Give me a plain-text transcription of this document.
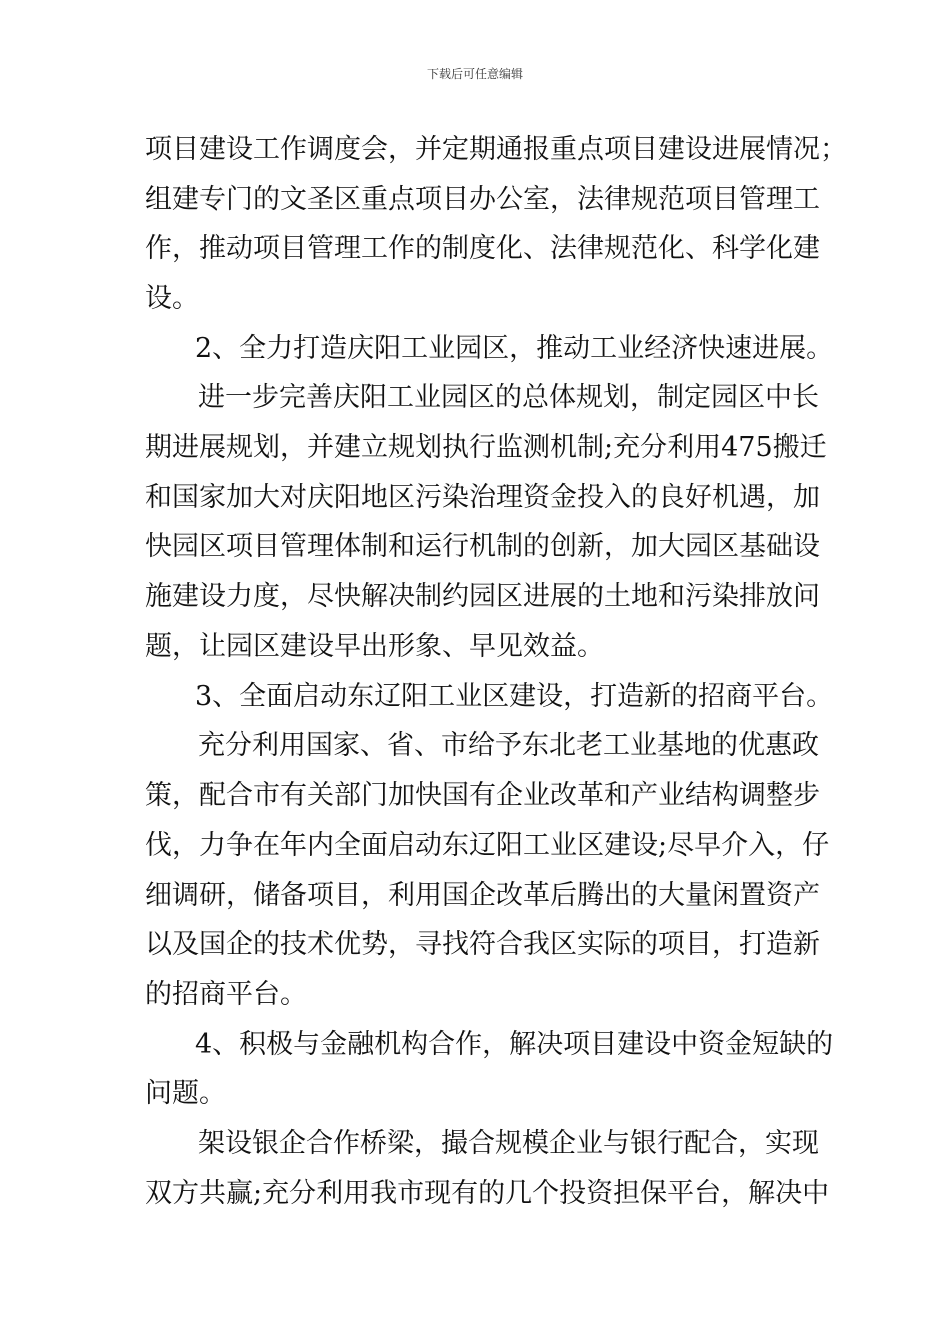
下载后可任意编辑
项目建设工作调度会，并定期通报重点项目建设进展情况；
组建专门的文圣区重点项目办公室，法律规范项目管理工
作，推动项目管理工作的制度化、法律规范化、科学化建
设。
2、全力打造庆阳工业园区，推动工业经济快速进展。
进一步完善庆阳工业园区的总体规划，制定园区中长
期进展规划，并建立规划执行监测机制;充分利用475搬迁
和国家加大对庆阳地区污染治理资金投入的良好机遇，加
快园区项目管理体制和运行机制的创新，加大园区基础设
施建设力度，尽快解决制约园区进展的土地和污染排放问
题，让园区建设早出形象、早见效益。
3、全面启动东辽阳工业区建设，打造新的招商平台。
充分利用国家、省、市给予东北老工业基地的优惠政
策，配合市有关部门加快国有企业改革和产业结构调整步
伐，力争在年内全面启动东辽阳工业区建设;尽早介入，仔
细调研，储备项目，利用国企改革后腾出的大量闲置资产
以及国企的技术优势，寻找符合我区实际的项目，打造新
的招商平台。
4、积极与金融机构合作，解决项目建设中资金短缺的
问题。
架设银企合作桥梁，撮合规模企业与银行配合，实现
双方共赢;充分利用我市现有的几个投资担保平台，解决中
